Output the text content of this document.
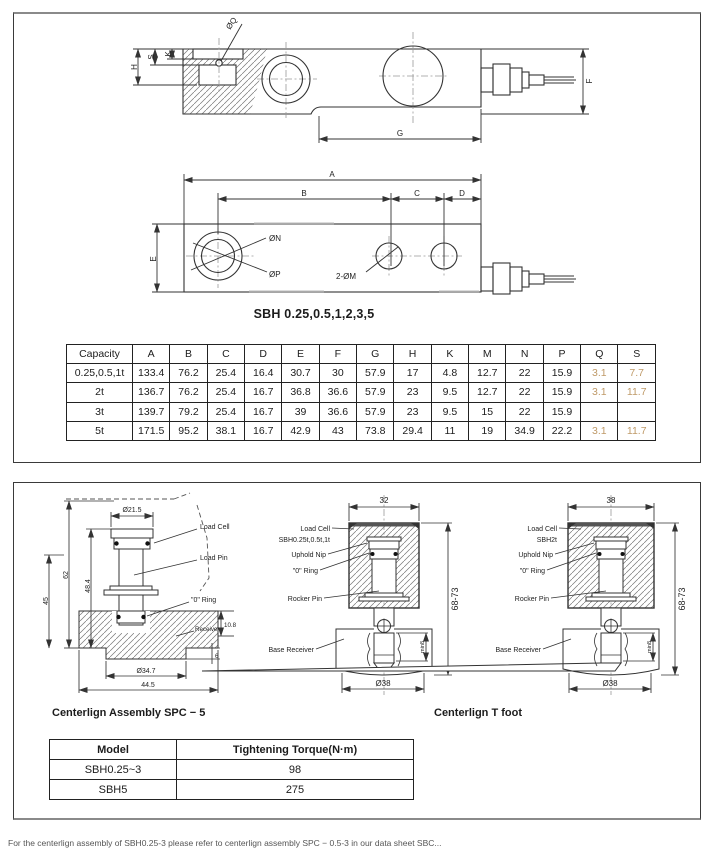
H
S
K
ØQ
F
G
A
B	C	D
E
ØN
ØP	2-ØM
SBH 0.25,0.5,1,2,3,5
Capacity	A	B	C	D	E	F	G	H	K	M	N	P	Q	S
0.25,0.5,1t	133.4	76.2	25.4	16.4	30.7	30	57.9	17	4.8	12.7	22	15.9	3.1	7.7
2t	136.7	76.2	25.4	16.7	36.8	36.6	57.9	23	9.5	12.7	22	15.9	3.1	11.7
3t	139.7	79.2	25.4	16.7	39	36.6	57.9	23	9.5	15	22	15.9		
5t	171.5	95.2	38.1	16.7	42.9	43	73.8	29.4	11	19	34.9	22.2	3.1	11.7
Ø21.5
62
48.4
45
Load Cell
Load Pin
"0" Ring
Receiver
10.8
6
Ø34.7
44.5
32
Load Cell
SBH0.25t,0.5t,1t
Uphold Nip
"0" Ring
Rocker Pin
Base Receiver
68-73
min8
Ø38
38
Load Cell
SBH2t
Uphold Nip
"0" Ring
Rocker Pin
Base Receiver
68-73
min8
Ø38
Centerlign Assembly SPC − 5	Centerlign T foot
Model	Tightening Torque(N·m)
SBH0.25~3	98
SBH5	275
For the centerlign assembly of SBH0.25-3 please refer to centerlign assembly SPC − 0.5-3 in our data sheet SBC...
